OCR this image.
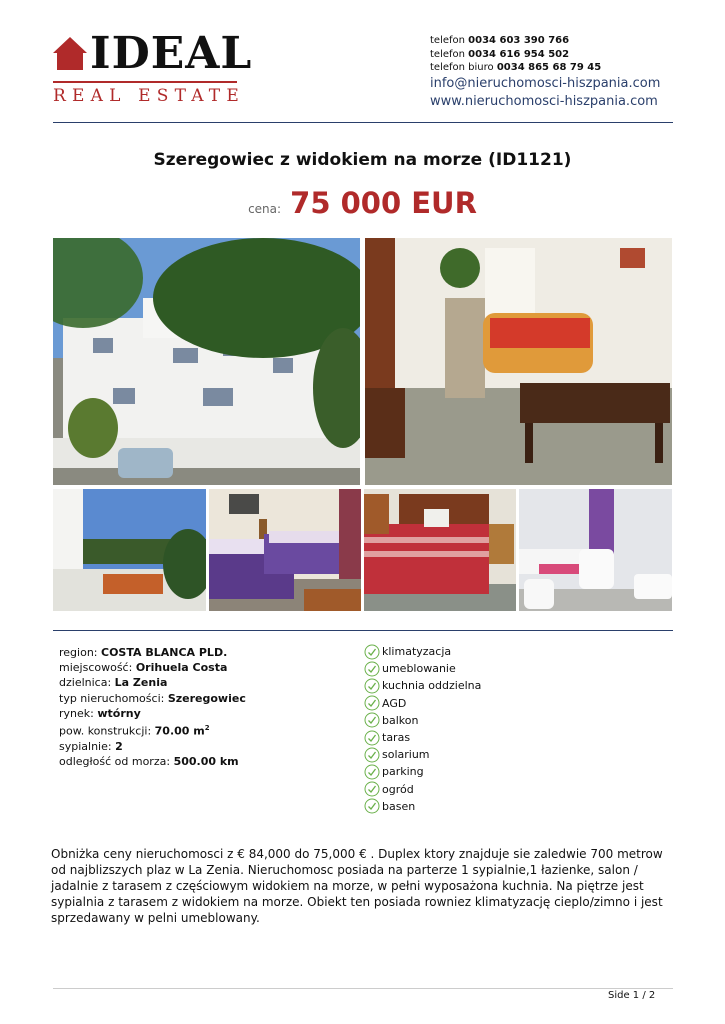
IDEAL
REAL ESTATE
telefon 0034 603 390 766
telefon 0034 616 954 502
telefon biuro 0034 865 68 79 45
info@nieruchomosci-hiszpania.com
www.nieruchomosci-hiszpania.com
Szeregowiec z widokiem na morze (ID1121)
cena: 75 000 EUR
region: COSTA BLANCA PLD.
miejscowość: Orihuela Costa
dzielnica: La Zenia
typ nieruchomości: Szeregowiec
rynek: wtórny
pow. konstrukcji: 70.00 $m^2$
sypialnie: 2
odległość od morza: 500.00 km
klimatyzacja
umeblowanie
kuchnia oddzielna
AGD
balkon
taras
solarium
parking
ogród
basen
Obniżka ceny nieruchomosci z € 84,000 do 75,000 € . Duplex ktory znajduje sie zaledwie 700 metrow od najblizszych plaz w La Zenia. Nieruchomosc posiada na parterze 1 sypialnie,1 łazienke, salon / jadalnie z tarasem z częściowym widokiem na morze, w pełni wyposażona kuchnia. Na piętrze jest sypialnia z tarasem z widokiem na morze. Obiekt ten posiada rowniez klimatyzację cieplo/zimno i jest sprzedawany w pelni umeblowany.
Side 1 / 2
